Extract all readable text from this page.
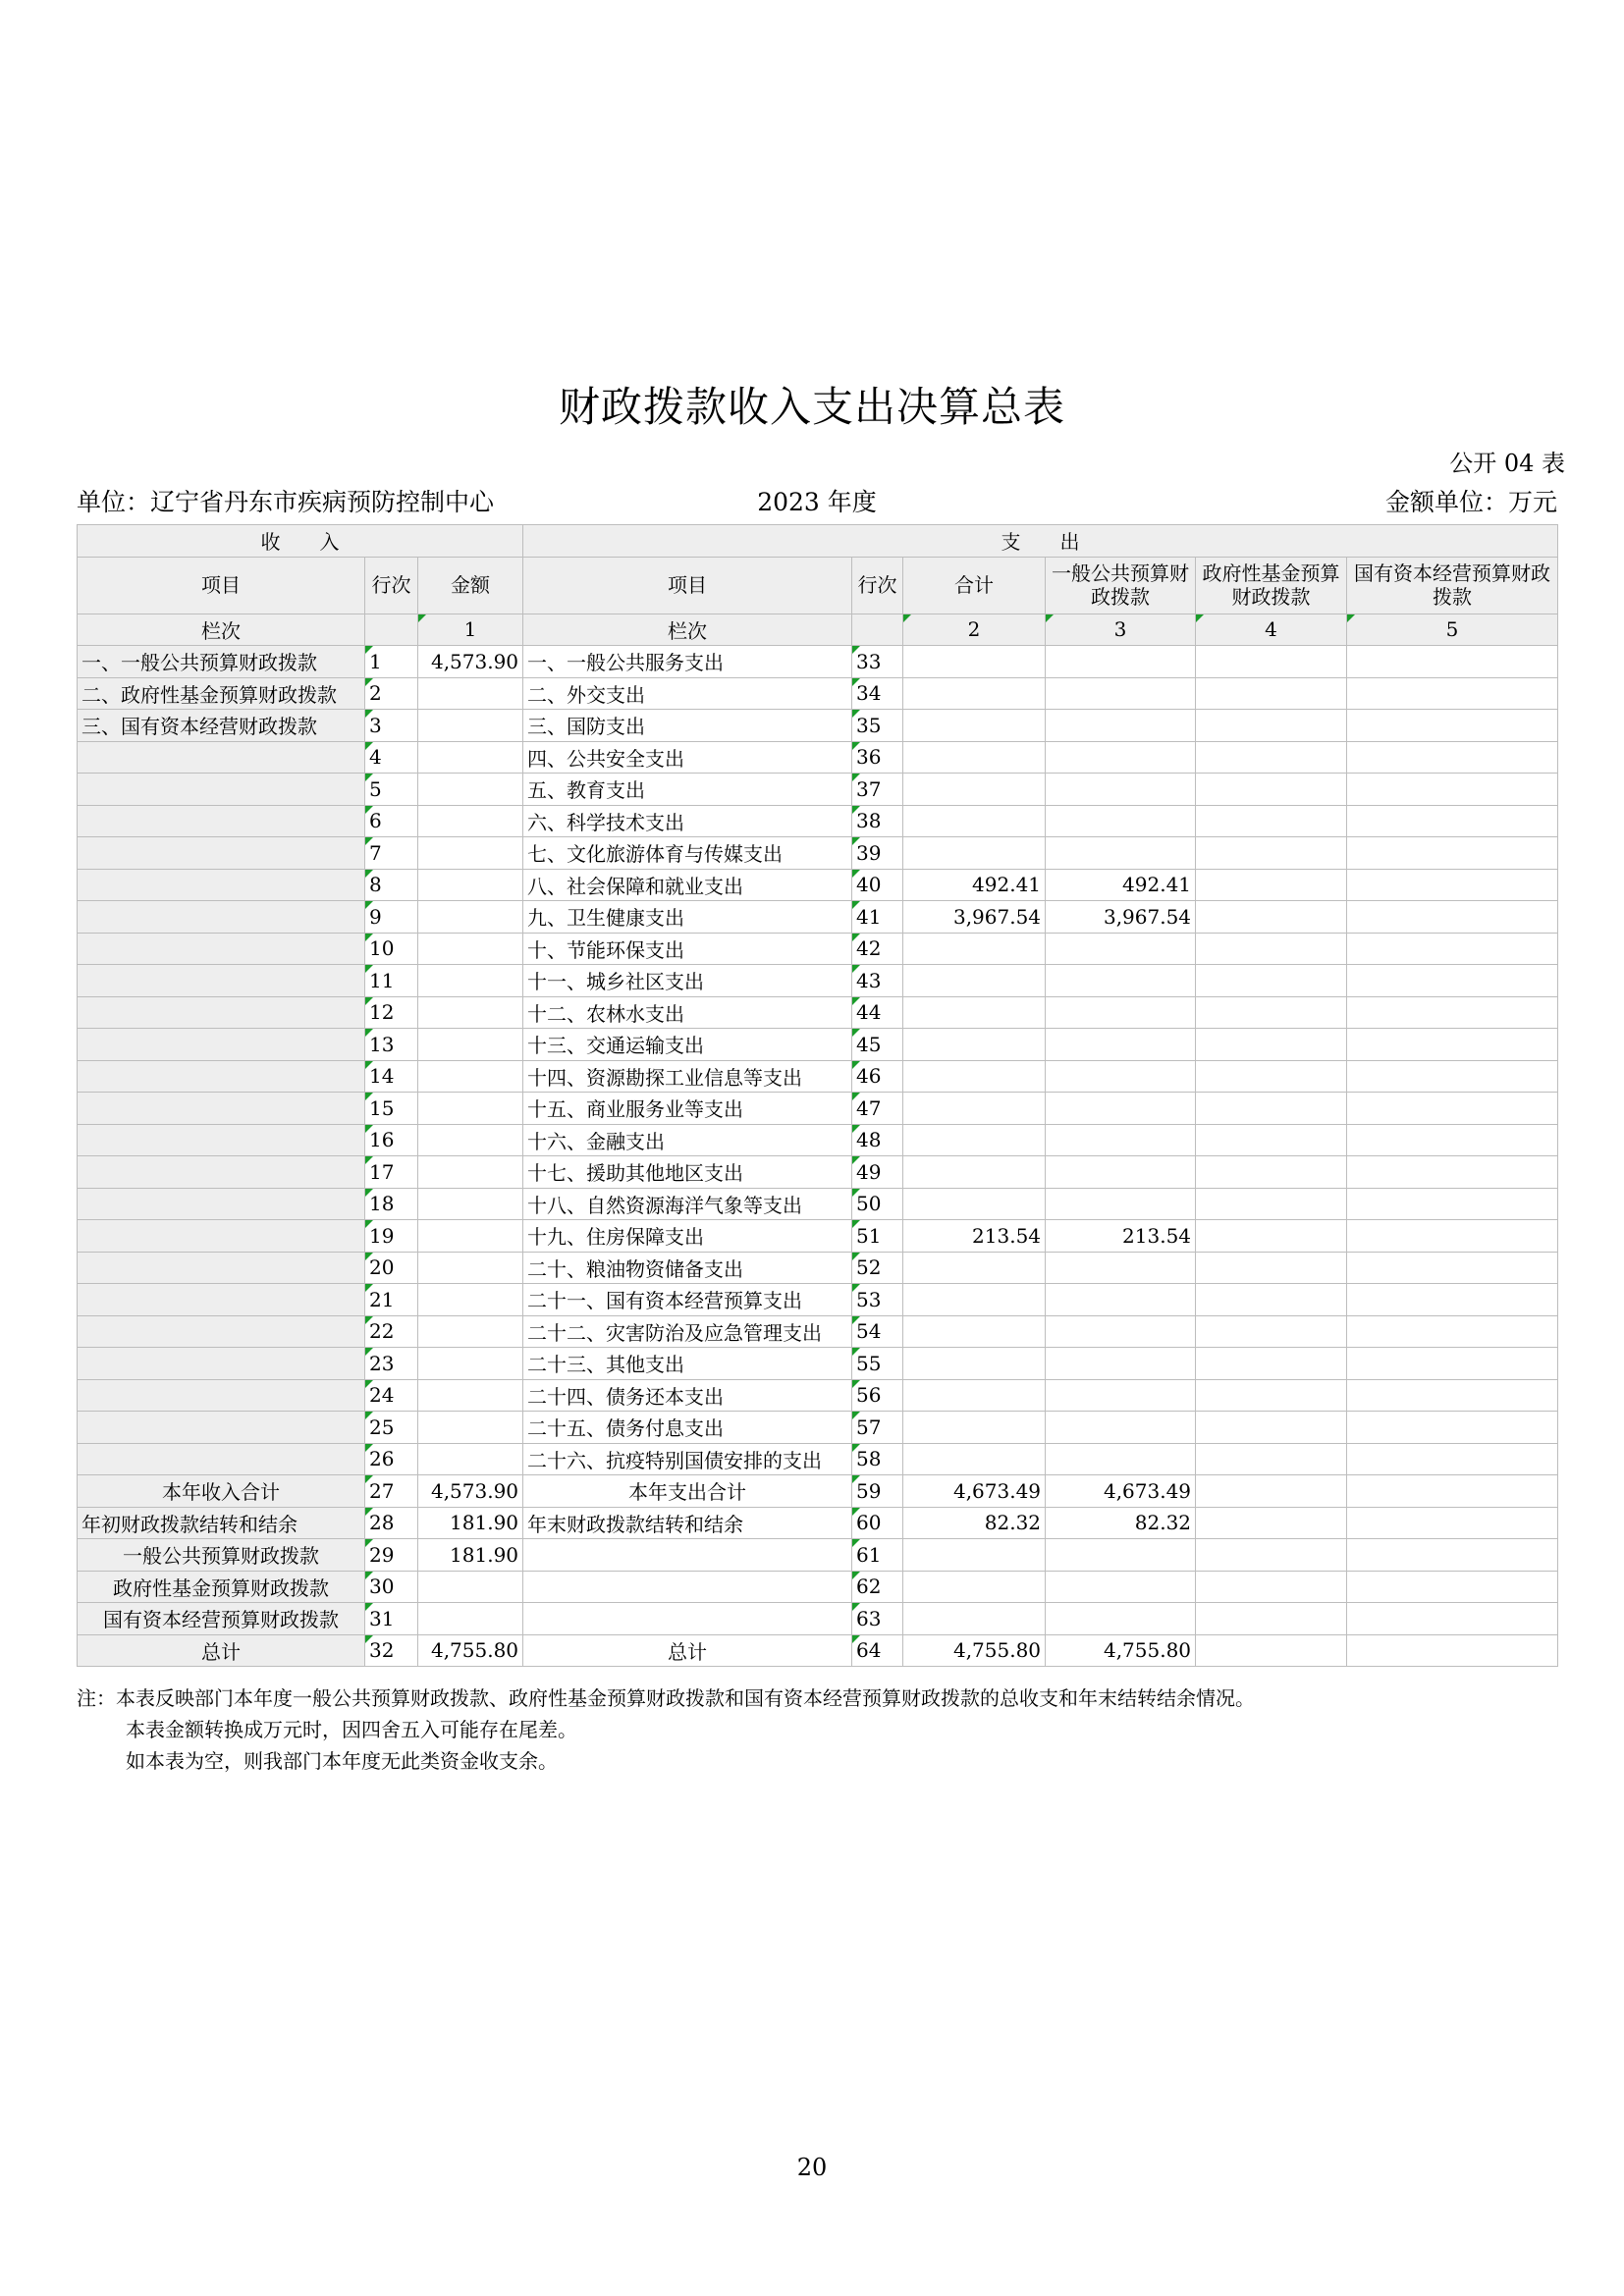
财政拨款收入支出决算总表
公开 04 表
2023 年度
单位：辽宁省丹东市疾病预防控制中心	金额单位：万元
收　　入			支　　出					
项目	行次	金额	项目	行次	合计	一般公共预算财政拨款	政府性基金预算财政拨款	国有资本经营预算财政拨款
栏次		1	栏次		2	3	4	5
一、一般公共预算财政拨款	1	4,573.90	一、一般公共服务支出	33				
二、政府性基金预算财政拨款	2		二、外交支出	34				
三、国有资本经营财政拨款	3		三、国防支出	35				
	4		四、公共安全支出	36				
	5		五、教育支出	37				
	6		六、科学技术支出	38				
	7		七、文化旅游体育与传媒支出	39				
	8		八、社会保障和就业支出	40	492.41	492.41		
	9		九、卫生健康支出	41	3,967.54	3,967.54		
	10		十、节能环保支出	42				
	11		十一、城乡社区支出	43				
	12		十二、农林水支出	44				
	13		十三、交通运输支出	45				
	14		十四、资源勘探工业信息等支出	46				
	15		十五、商业服务业等支出	47				
	16		十六、金融支出	48				
	17		十七、援助其他地区支出	49				
	18		十八、自然资源海洋气象等支出	50				
	19		十九、住房保障支出	51	213.54	213.54		
	20		二十、粮油物资储备支出	52				
	21		二十一、国有资本经营预算支出	53				
	22		二十二、灾害防治及应急管理支出	54				
	23		二十三、其他支出	55				
	24		二十四、债务还本支出	56				
	25		二十五、债务付息支出	57				
	26		二十六、抗疫特别国债安排的支出	58				
本年收入合计	27	4,573.90	本年支出合计	59	4,673.49	4,673.49		
年初财政拨款结转和结余	28	181.90	年末财政拨款结转和结余	60	82.32	82.32		
一般公共预算财政拨款	29	181.90		61				
政府性基金预算财政拨款	30			62				
国有资本经营预算财政拨款	31			63				
总计	32	4,755.80	总计	64	4,755.80	4,755.80		
注：本表反映部门本年度一般公共预算财政拨款、政府性基金预算财政拨款和国有资本经营预算财政拨款的总收支和年末结转结余情况。
本表金额转换成万元时，因四舍五入可能存在尾差。
如本表为空，则我部门本年度无此类资金收支余。
20
